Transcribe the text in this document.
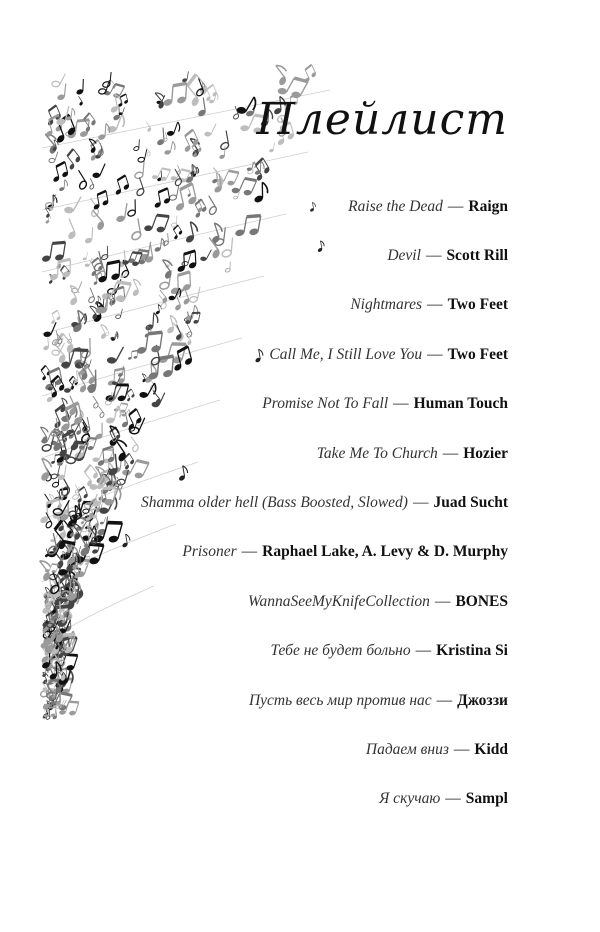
Плейлист
Raise the Dead — Raign
Devil — Scott Rill
Nightmares — Two Feet
Call Me, I Still Love You — Two Feet
Promise Not To Fall — Human Touch
Take Me To Church — Hozier
Shamma older hell (Bass Boosted, Slowed) — Juad Sucht
Prisoner — Raphael Lake, A. Levy & D. Murphy
WannaSeeMyKnifeCollection — BONES
Тебе не будет больно — Kristina Si
Пусть весь мир против нас — Джоззи
Падаем вниз — Kidd
Я скучаю — Sampl
